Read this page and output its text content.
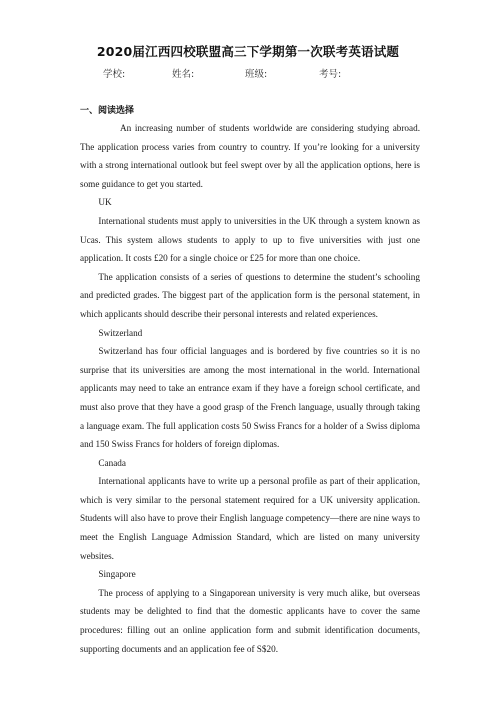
2020届江西四校联盟高三下学期第一次联考英语试题
学校:	姓名:	班级:	考号:
一、阅读选择

An increasing number of students worldwide are considering studying abroad. The application process varies from country to country. If you’re looking for a university with a strong international outlook but feel swept over by all the application options, here is some guidance to get you started.

UK

International students must apply to universities in the UK through a system known as Ucas. This system allows students to apply to up to five universities with just one application. It costs £20 for a single choice or £25 for more than one choice.

The application consists of a series of questions to determine the student’s schooling and predicted grades. The biggest part of the application form is the personal statement, in which applicants should describe their personal interests and related experiences.

Switzerland

Switzerland has four official languages and is bordered by five countries so it is no surprise that its universities are among the most international in the world. International applicants may need to take an entrance exam if they have a foreign school certificate, and must also prove that they have a good grasp of the French language, usually through taking a language exam. The full application costs 50 Swiss Francs for a holder of a Swiss diploma and 150 Swiss Francs for holders of foreign diplomas.

Canada

International applicants have to write up a personal profile as part of their application, which is very similar to the personal statement required for a UK university application. Students will also have to prove their English language competency—there are nine ways to meet the English Language Admission Standard, which are listed on many university websites.

Singapore

The process of applying to a Singaporean university is very much alike, but overseas students may be delighted to find that the domestic applicants have to cover the same procedures: filling out an online application form and submit identification documents, supporting documents and an application fee of S$20.
